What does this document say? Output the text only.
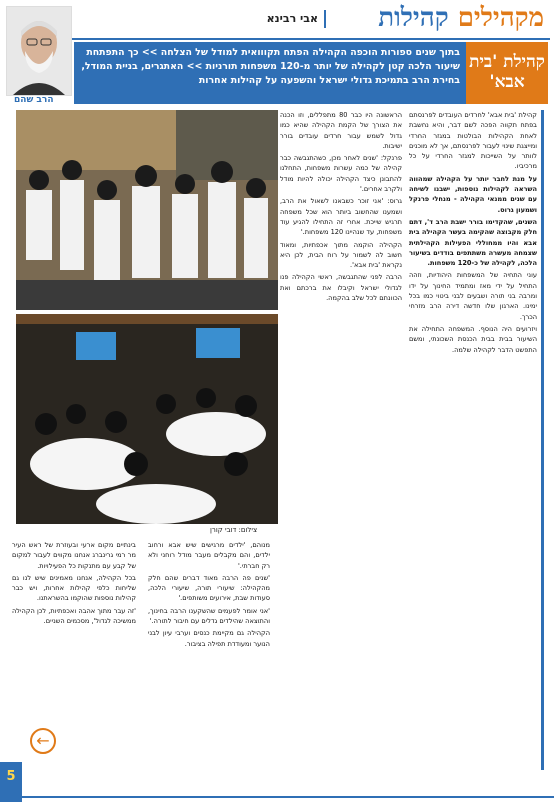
מקהילים קהילות
אבי רבינא
הרב שהם
קהילת 'בית אבא'
בתוך שנים ספורות הוכפה הקהילה הפתח תקווואית למודל של הצלחה >> כך התפתחת שיעור הלכה קטן לקהילה של יותר מ-120 משפחות תורניות >> האתגרים, בניית המודל, בחירת הרב בתמיכת גדולי ישראל והשפעה על קהילות אחרות

קהילת 'בית אבא' לחרדים העובדים לפרנסתם בפתח תקווה הפכה לשם דבר, והיא נחשבת לאחת הקהילות הבולטות במגזר החרדי ומייצגת שינוי לעבור לפרנסתם, אך לא מוכנים לוותר על השייכות למגזר החרדי על כל מרכיביו.

על מנת לחבר יותר על הקהילה שמהווה השראה לקהילות נוספות, ישבנו לשיחה עם שנים ממנאי הקהילה - מנחלי פרנקל ושמעון גרוס.

השנים, שהקדימו בורר ישבת הרב ד', דתם חלק מקבוצה שהקימה בעשר הקהילה בית אבא והיו ממחוללי הפעילות הקהילתית שצמחה מעשרה משתתפים בודדים בשיעור הלכה, לקהילה של כ-120 משפחות.

עוני התחיה של המשפחות היהודיות, וזהה התחיל על ידי מאז ומתמיד החינוך על ידו ומרבה בני תורה ושבעים לבני ביטוי כמו בכל ימינו. הארגון שלו חדשה דירה הרב מזרחי הכרך.

ויזרועים היה הנוסף. המשפחה התחילה את השיעור בבית בבית הכנסת השכונתי, ומשם התפשט הדבר לקהילה שלמה.

הראשונה היו כבר 80 מתפללים, וזו הכנה את הצורך של הקמת הקהילה שהיא כמו גדול לשמש עבור חרדים עובדים בורר ישיבות.

פרנקל: 'שנים לאחר מכן, כשהתגבשה כבר קהילה של כמה עשרות משפחות, התחלנו להתבונן כיצד הקהילה יכולה להיות מודל ולקרב אחרים.'

גרוס: 'אני זוכר כשבאנו לשאול את הרב, ושמענו שהחשוב ביותר הוא שכל משפחה תרגיש שייכת. אחרי זה התחילו להגיע עוד משפחות, עד שנהיינו 120 משפחות.'

הקהילה הוקמה מתוך אכפתיות, ומאוד חשוב לה לשמור על רוח הבית, לכן היא נקראת 'בית אבא'.

הרבה לפני שהתגבשה, ראשי הקהילה פנו לגדולי ישראל וקיבלו את ברכתם ואת הכוונתם לכל שלב בהקמה.

צילום: דובי קורן

מנוהם, 'ילדים מרגישים שיש אבא ורחוב ילדים, והם מקבלים מעבר מודל רוחני ולא רק חברתי.'

'שנים פה הרבה מאוד דברים שהם חלק מהקהילה: שיעורי תורה, שיעורי הלכה, סעודות שבת, אירועים משותפים.'

'אני אומר לפעמים שהשקענו הרבה בחינוך, והתוצאה שהילדים גדלים עם חיבור לתורה.'

הקהילה גם מקיימת כנסים וערבי עיון לבני הנוער ומעודדת תפילה בציבור.

בינתיים מקום ארעי ובעוזרת של ראש העיר מר רמי גרינברג אנחנו מקווים לעבור למקום של קבע עם מתנקות כל הפעילויות.

בכל הקהילה, אנחנו מאמינים שיש לנו גם שליחות כלפי קהילות אחרות, ויש כבר קהילות נוספות שהוקמו בהשראתנו.

'זה עבר מתוך אהבה ואכפתיות, לכן הקהילה ממשיכה לגדול', מסכמים השניים.

←
5
